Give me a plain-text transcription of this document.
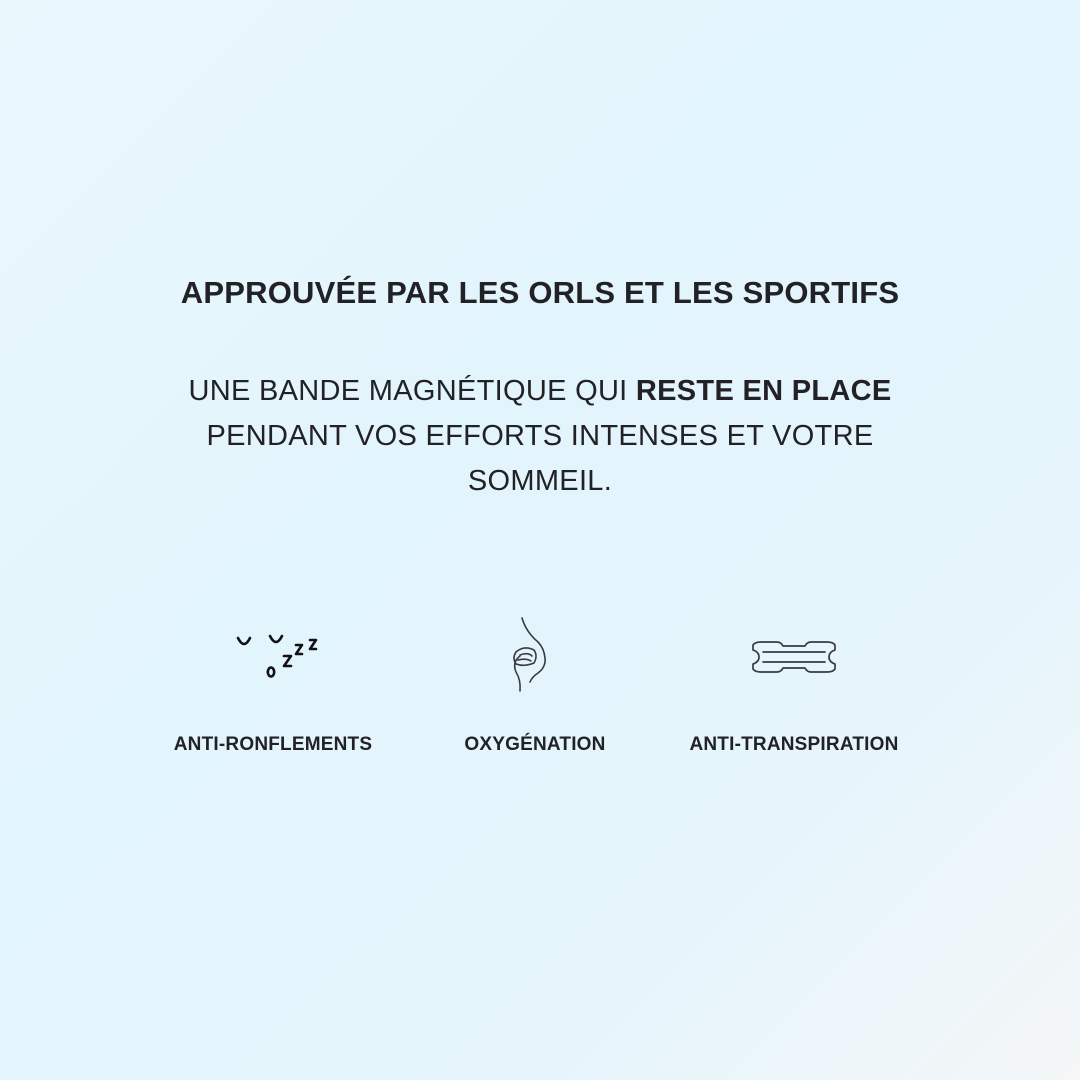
APPROUVÉE PAR LES ORLS ET LES SPORTIFS

UNE BANDE MAGNÉTIQUE QUI RESTE EN PLACE PENDANT VOS EFFORTS INTENSES ET VOTRE SOMMEIL.

ANTI-RONFLEMENTS	OXYGÉNATION	ANTI-TRANSPIRATION
